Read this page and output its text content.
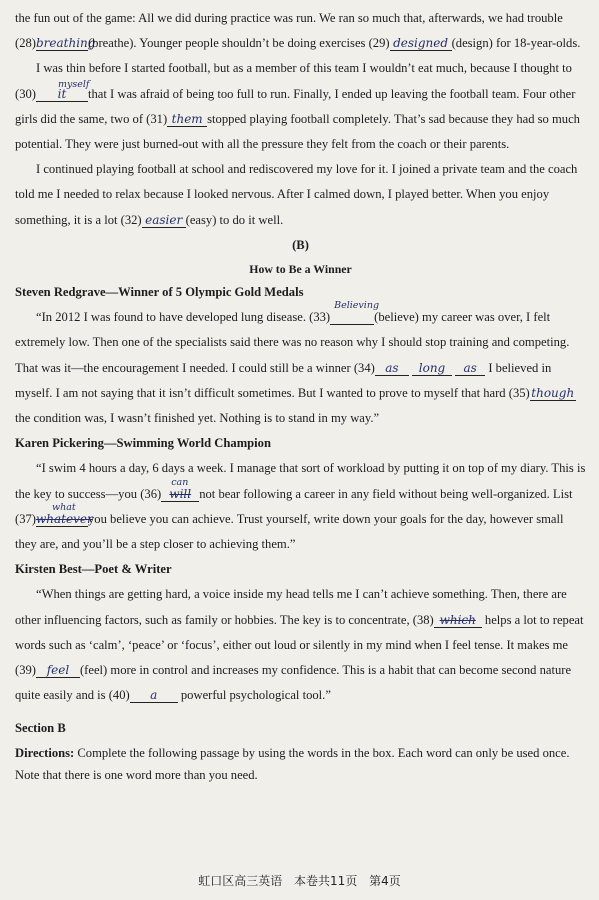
the fun out of the game: All we did during practice was run. We ran so much that, afterwards, we had trouble (28)breathing(breathe). Younger people shouldn’t be doing exercises (29) designed (design) for 18-year-olds.

I was thin before I started football, but as a member of this team I wouldn’t eat much, because I thought to (30)
myself
it that I was afraid of being too full to run. Finally, I ended up leaving the football team. Four other girls did the same, two of (31) them stopped playing football completely. That’s sad because they had so much potential. They were just burned-out with all the pressure they felt from the coach or their parents.

I continued playing football at school and rediscovered my love for it. I joined a private team and the coach told me I needed to relax because I looked nervous. After I calmed down, I played better. When you enjoy something, it is a lot (32) easier (easy) to do it well.

(B)

How to Be a Winner

Steven Redgrave—Winner of 5 Olympic Gold Medals

“In 2012 I was found to have developed lung disease. (33)
Believing
(believe) my career was over, I felt extremely low. Then one of the specialists said there was no reason why I should stop training and competing. That was it—the encouragement I needed. I could still be a winner (34) as long as I believed in myself. I am not saying that it isn’t difficult sometimes. But I wanted to prove to myself that hard (35) thoughthe condition was, I wasn’t finished yet. Nothing is to stand in my way.”

Karen Pickering—Swimming World Champion

“I swim 4 hours a day, 6 days a week. I manage that sort of workload by putting it on top of my diary. This is the key to success—you (36)
can
will not bear following a career in any field without being well-organized. List (37)
what
whateveryou believe you can achieve. Trust yourself, write down your goals for the day, however small they are, and you’ll be a step closer to achieving them.”

Kirsten Best—Poet & Writer

“When things are getting hard, a voice inside my head tells me I can’t achieve something. Then, there are other influencing factors, such as family or hobbies. The key is to concentrate, (38) which helps a lot to repeat words such as ‘calm’, ‘peace’ or ‘focus’, either out loud or silently in my mind when I feel tense. It makes me (39) feel (feel) more in control and increases my confidence. This is a habit that can become second nature quite easily and is (40) a powerful psychological tool.”

Section B

Directions: Complete the following passage by using the words in the box. Each word can only be used once. Note that there is one word more than you need.

虹口区高三英语 本卷共11页 第4页
